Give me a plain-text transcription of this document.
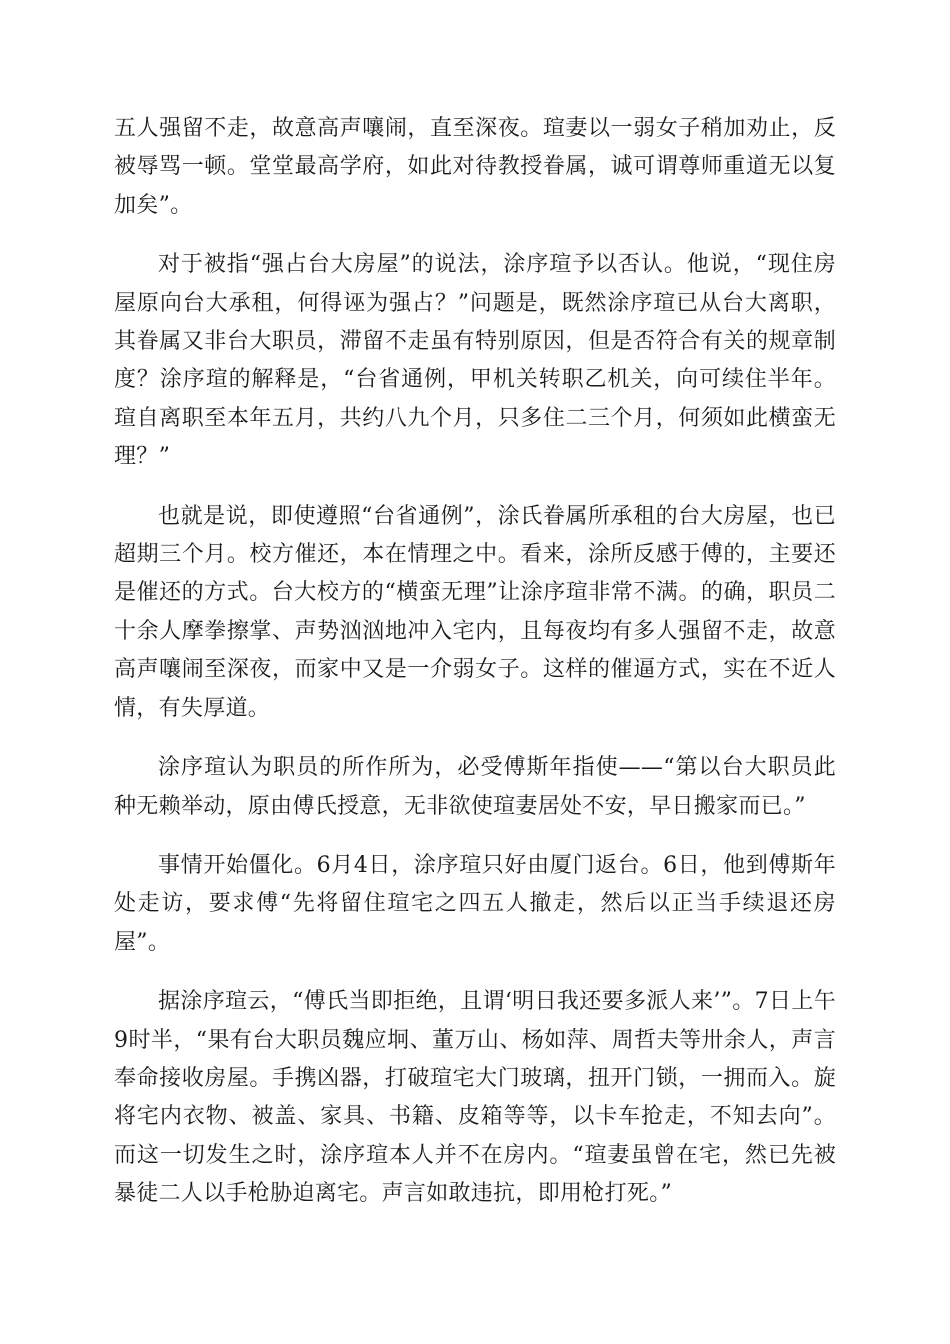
五人强留不走，故意高声嚷闹，直至深夜。瑄妻以一弱女子稍加劝止，反被辱骂一顿。堂堂最高学府，如此对待教授眷属，诚可谓尊师重道无以复加矣”。

对于被指“强占台大房屋”的说法，涂序瑄予以否认。他说，“现住房屋原向台大承租，何得诬为强占？”问题是，既然涂序瑄已从台大离职，其眷属又非台大职员，滞留不走虽有特别原因，但是否符合有关的规章制度？涂序瑄的解释是，“台省通例，甲机关转职乙机关，向可续住半年。瑄自离职至本年五月，共约八九个月，只多住二三个月，何须如此横蛮无理？”

也就是说，即使遵照“台省通例”，涂氏眷属所承租的台大房屋，也已超期三个月。校方催还，本在情理之中。看来，涂所反感于傅的，主要还是催还的方式。台大校方的“横蛮无理”让涂序瑄非常不满。的确，职员二十余人摩拳擦掌、声势汹汹地冲入宅内，且每夜均有多人强留不走，故意高声嚷闹至深夜，而家中又是一介弱女子。这样的催逼方式，实在不近人情，有失厚道。

涂序瑄认为职员的所作所为，必受傅斯年指使——“第以台大职员此种无赖举动，原由傅氏授意，无非欲使瑄妻居处不安，早日搬家而已。”

事情开始僵化。6月4日，涂序瑄只好由厦门返台。6日，他到傅斯年处走访，要求傅“先将留住瑄宅之四五人撤走，然后以正当手续退还房屋”。

据涂序瑄云，“傅氏当即拒绝，且谓‘明日我还要多派人来’”。7日上午9时半，“果有台大职员魏应坰、董万山、杨如萍、周哲夫等卅余人，声言奉命接收房屋。手携凶器，打破瑄宅大门玻璃，扭开门锁，一拥而入。旋将宅内衣物、被盖、家具、书籍、皮箱等等，以卡车抢走，不知去向”。而这一切发生之时，涂序瑄本人并不在房内。“瑄妻虽曾在宅，然已先被暴徒二人以手枪胁迫离宅。声言如敢违抗，即用枪打死。”
